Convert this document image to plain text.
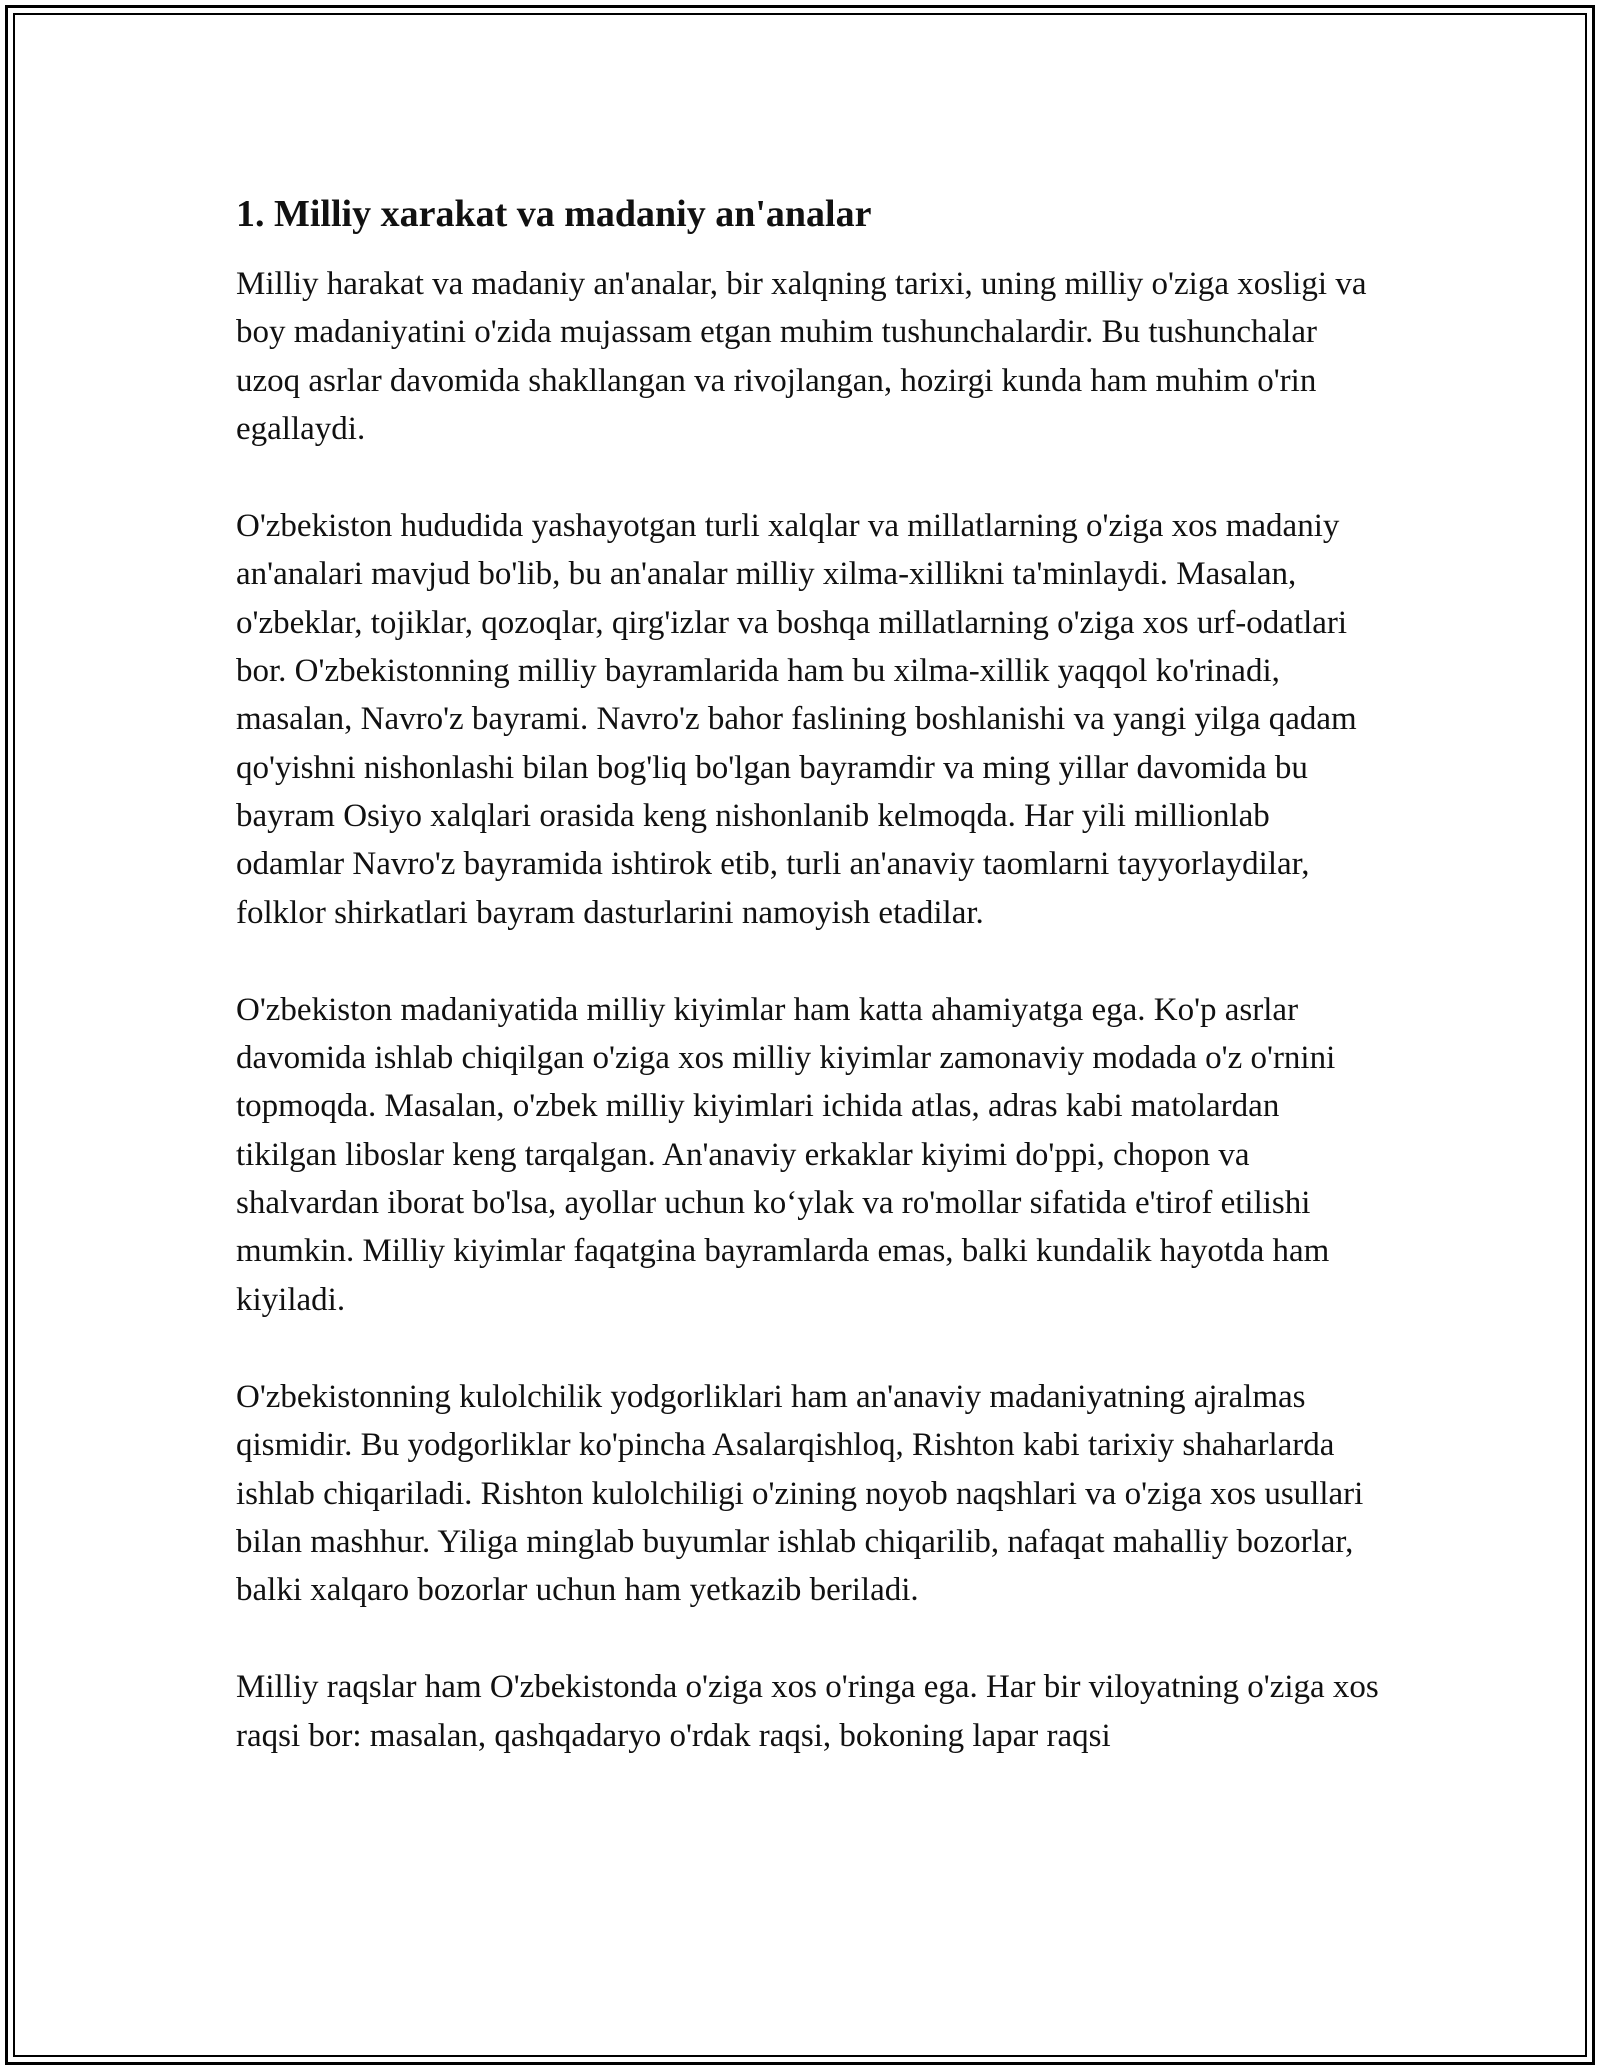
1. Milliy xarakat va madaniy an'analar

Milliy harakat va madaniy an'analar, bir xalqning tarixi, uning milliy o'ziga xosligi va boy madaniyatini o'zida mujassam etgan muhim tushunchalardir. Bu tushunchalar uzoq asrlar davomida shakllangan va rivojlangan, hozirgi kunda ham muhim o'rin egallaydi.

O'zbekiston hududida yashayotgan turli xalqlar va millatlarning o'ziga xos madaniy an'analari mavjud bo'lib, bu an'analar milliy xilma-xillikni ta'minlaydi. Masalan, o'zbeklar, tojiklar, qozoqlar, qirg'izlar va boshqa millatlarning o'ziga xos urf-odatlari bor. O'zbekistonning milliy bayramlarida ham bu xilma-xillik yaqqol ko'rinadi, masalan, Navro'z bayrami. Navro'z bahor faslining boshlanishi va yangi yilga qadam qo'yishni nishonlashi bilan bog'liq bo'lgan bayramdir va ming yillar davomida bu bayram Osiyo xalqlari orasida keng nishonlanib kelmoqda. Har yili millionlab odamlar Navro'z bayramida ishtirok etib, turli an'anaviy taomlarni tayyorlaydilar, folklor shirkatlari bayram dasturlarini namoyish etadilar.

O'zbekiston madaniyatida milliy kiyimlar ham katta ahamiyatga ega. Ko'p asrlar davomida ishlab chiqilgan o'ziga xos milliy kiyimlar zamonaviy modada o'z o'rnini topmoqda. Masalan, o'zbek milliy kiyimlari ichida atlas, adras kabi matolardan tikilgan liboslar keng tarqalgan. An'anaviy erkaklar kiyimi do'ppi, chopon va shalvardan iborat bo'lsa, ayollar uchun ko‘ylak va ro'mollar sifatida e'tirof etilishi mumkin. Milliy kiyimlar faqatgina bayramlarda emas, balki kundalik hayotda ham kiyiladi.

O'zbekistonning kulolchilik yodgorliklari ham an'anaviy madaniyatning ajralmas qismidir. Bu yodgorliklar ko'pincha Asalarqishloq, Rishton kabi tarixiy shaharlarda ishlab chiqariladi. Rishton kulolchiligi o'zining noyob naqshlari va o'ziga xos usullari bilan mashhur. Yiliga minglab buyumlar ishlab chiqarilib, nafaqat mahalliy bozorlar, balki xalqaro bozorlar uchun ham yetkazib beriladi.

Milliy raqslar ham O'zbekistonda o'ziga xos o'ringa ega. Har bir viloyatning o'ziga xos raqsi bor: masalan, qashqadaryo o'rdak raqsi, bokoning lapar raqsi
